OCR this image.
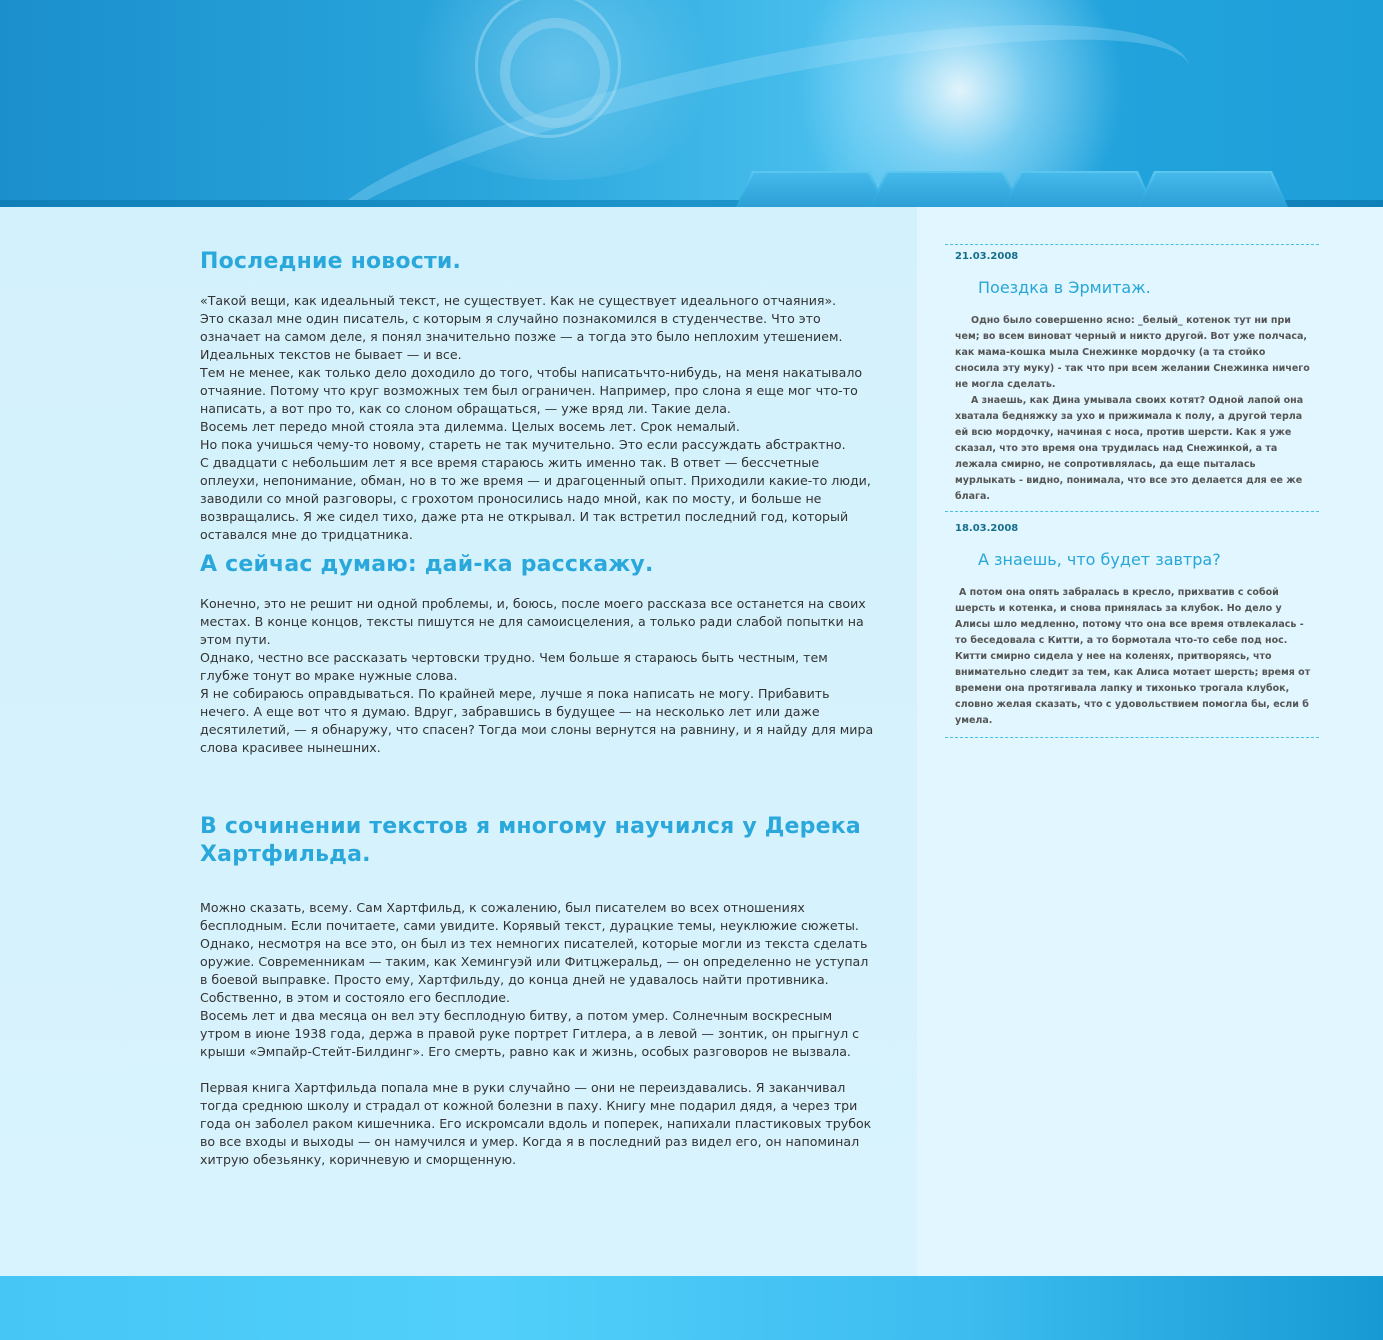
Последние новости.

«Такой вещи, как идеальный текст, не существует. Как не существует идеального отчаяния».

Это сказал мне один писатель, с которым я случайно познакомился в студенчестве. Что это означает на самом деле, я понял значительно позже — а тогда это было неплохим утешением. Идеальных текстов не бывает — и все.

Тем не менее, как только дело доходило до того, чтобы написатьчто-нибудь, на меня накатывало отчаяние. Потому что круг возможных тем был ограничен. Например, про слона я еще мог что-то написать, а вот про то, как со слоном обращаться, — уже вряд ли. Такие дела.

Восемь лет передо мной стояла эта дилемма. Целых восемь лет. Срок немалый.

Но пока учишься чему-то новому, стареть не так мучительно. Это если рассуждать абстрактно.

С двадцати с небольшим лет я все время стараюсь жить именно так. В ответ — бессчетные оплеухи, непонимание, обман, но в то же время — и драгоценный опыт. Приходили какие-то люди, заводили со мной разговоры, с грохотом проносились надо мной, как по мосту, и больше не возвращались. Я же сидел тихо, даже рта не открывал. И так встретил последний год, который оставался мне до тридцатника.

А сейчас думаю: дай-ка расскажу.

Конечно, это не решит ни одной проблемы, и, боюсь, после моего рассказа все останется на своих местах. В конце концов, тексты пишутся не для самоисцеления, а только ради слабой попытки на этом пути.

Однако, честно все рассказать чертовски трудно. Чем больше я стараюсь быть честным, тем глубже тонут во мраке нужные слова.

Я не собираюсь оправдываться. По крайней мере, лучше я пока написать не могу. Прибавить нечего. А еще вот что я думаю. Вдруг, забравшись в будущее — на несколько лет или даже десятилетий, — я обнаружу, что спасен? Тогда мои слоны вернутся на равнину, и я найду для мира слова красивее нынешних.

В сочинении текстов я многому научился у Дерека Хартфильда.

Можно сказать, всему. Сам Хартфильд, к сожалению, был писателем во всех отношениях бесплодным. Если почитаете, сами увидите. Корявый текст, дурацкие темы, неуклюжие сюжеты. Однако, несмотря на все это, он был из тех немногих писателей, которые могли из текста сделать оружие. Современникам — таким, как Хемингуэй или Фитцжеральд, — он определенно не уступал в боевой выправке. Просто ему, Хартфильду, до конца дней не удавалось найти противника. Собственно, в этом и состояло его бесплодие.

Восемь лет и два месяца он вел эту бесплодную битву, а потом умер. Солнечным воскресным утром в июне 1938 года, держа в правой руке портрет Гитлера, а в левой — зонтик, он прыгнул с крыши «Эмпайр-Стейт-Билдинг». Его смерть, равно как и жизнь, особых разговоров не вызвала.

Первая книга Хартфильда попала мне в руки случайно — они не переиздавались. Я заканчивал тогда среднюю школу и страдал от кожной болезни в паху. Книгу мне подарил дядя, а через три года он заболел раком кишечника. Его искромсали вдоль и поперек, напихали пластиковых трубок во все входы и выходы — он намучился и умер. Когда я в последний раз видел его, он напоминал хитрую обезьянку, коричневую и сморщенную.

21.03.2008
Поездка в Эрмитаж.
Одно было совершенно ясно: _белый_ котенок тут ни при чем; во всем виноват черный и никто другой. Вот уже полчаса, как мама-кошка мыла Снежинке мордочку (а та стойко сносила эту муку) - так что при всем желании Снежинка ничего не могла сделать.
А знаешь, как Дина умывала своих котят? Одной лапой она хватала бедняжку за ухо и прижимала к полу, а другой терла ей всю мордочку, начиная с носа, против шерсти. Как я уже сказал, что это время она трудилась над Снежинкой, а та лежала смирно, не сопротивлялась, да еще пыталась мурлыкать - видно, понимала, что все это делается для ее же блага.
18.03.2008
А знаешь, что будет завтра?
А потом она опять забралась в кресло, прихватив с собой шерсть и котенка, и снова принялась за клубок. Но дело у Алисы шло медленно, потому что она все время отвлекалась - то беседовала с Китти, а то бормотала что-то себе под нос. Китти смирно сидела у нее на коленях, притворяясь, что внимательно следит за тем, как Алиса мотает шерсть; время от времени она протягивала лапку и тихонько трогала клубок, словно желая сказать, что с удовольствием помогла бы, если б умела.
